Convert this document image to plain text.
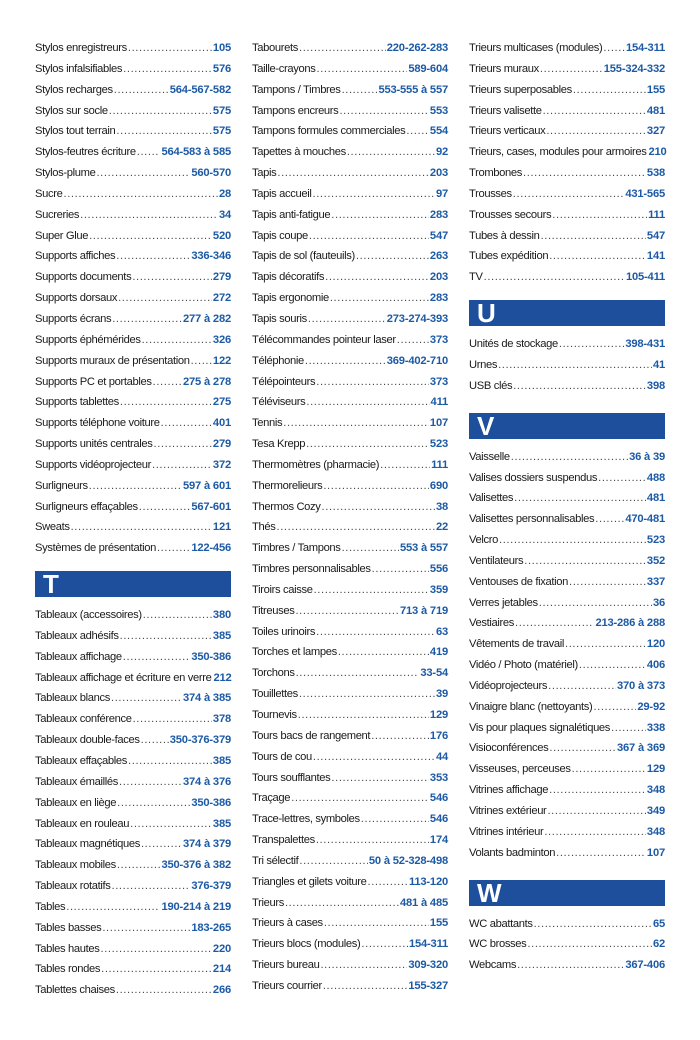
Stylos enregistreurs .....	105
Stylos infalsifiables .....	576
Stylos recharges .....	564-567-582
Stylos sur socle .....	575
Stylos tout terrain .....	575
Stylos-feutres écriture ..... 564-583 à 585
Stylos-plume .....	560-570
Sucre .....	28
Sucreries .....	34
Super Glue .....	520
Supports affiches .....	336-346
Supports documents .....	279
Supports dorsaux .....	272
Supports écrans .....	277 à 282
Supports éphémérides .....	326
Supports muraux de présentation ..... 122
Supports PC et portables .....	275 à 278
Supports tablettes .....	275
Supports téléphone voiture .....	401
Supports unités centrales .....	279
Supports vidéoprojecteur .....	372
Surligneurs .....	597 à 601
Surligneurs effaçables .....	567-601
Sweats .....	121
Systèmes de présentation .....	122-456
T
Tableaux (accessoires) .....	380
Tableaux adhésifs .....	385
Tableaux affichage .....	350-386
Tableaux affichage et écriture en verre 212
Tableaux blancs .....	374 à 385
Tableaux conférence .....	378
Tableaux double-faces .....	350-376-379
Tableaux effaçables .....	385
Tableaux émaillés .....	374 à 376
Tableaux en liège .....	350-386
Tableaux en rouleau .....	385
Tableaux magnétiques .....	374 à 379
Tableaux mobiles .....	350-376 à 382
Tableaux rotatifs .....	376-379
Tables .....	190-214 à 219
Tables basses .....	183-265
Tables hautes .....	220
Tables rondes .....	214
Tablettes chaises .....	266
Tabourets .....	220-262-283
Taille-crayons .....	589-604
Tampons / Timbres .....	553-555 à 557
Tampons encreurs .....	553
Tampons formules commerciales ..... 554
Tapettes à mouches .....	92
Tapis .....	203
Tapis accueil .....	97
Tapis anti-fatigue .....	283
Tapis coupe .....	547
Tapis de sol (fauteuils) .....	263
Tapis décoratifs .....	203
Tapis ergonomie .....	283
Tapis souris .....	273-274-393
Télécommandes pointeur laser .....	373
Téléphonie .....	369-402-710
Télépointeurs .....	373
Téléviseurs .....	411
Tennis .....	107
Tesa Krepp .....	523
Thermomètres (pharmacie) .....	111
Thermorelieurs .....	690
Thermos Cozy .....	38
Thés .....	22
Timbres / Tampons .....	553 à 557
Timbres personnalisables .....	556
Tiroirs caisse .....	359
Titreuses .....	713 à 719
Toiles urinoirs .....	63
Torches et lampes .....	419
Torchons .....	33-54
Touillettes .....	39
Tournevis .....	129
Tours bacs de rangement .....	176
Tours de cou .....	44
Tours soufflantes .....	353
Traçage .....	546
Trace-lettres, symboles .....	546
Transpalettes .....	174
Tri sélectif .....	50 à 52-328-498
Triangles et gilets voiture .....	113-120
Trieurs .....	481 à 485
Trieurs à cases .....	155
Trieurs blocs (modules) .....	154-311
Trieurs bureau .....	309-320
Trieurs courrier .....	155-327
Trieurs multicases (modules) ..... 154-311
Trieurs muraux .....	155-324-332
Trieurs superposables .....	155
Trieurs valisette .....	481
Trieurs verticaux .....	327
Trieurs, cases, modules pour armoires 210
Trombones .....	538
Trousses .....	431-565
Trousses secours .....	111
Tubes à dessin .....	547
Tubes expédition .....	141
TV .....	105-411
U
Unités de stockage .....	398-431
Urnes .....	41
USB clés .....	398
V
Vaisselle .....	36 à 39
Valises dossiers suspendus .....	488
Valisettes .....	481
Valisettes personnalisables .....	470-481
Velcro .....	523
Ventilateurs .....	352
Ventouses de fixation .....	337
Verres jetables .....	36
Vestiaires .....	213-286 à 288
Vêtements de travail .....	120
Vidéo / Photo (matériel) .....	406
Vidéoprojecteurs .....	370 à 373
Vinaigre blanc (nettoyants) .....	29-92
Vis pour plaques signalétiques .....	338
Visioconférences .....	367 à 369
Visseuses, perceuses .....	129
Vitrines affichage .....	348
Vitrines extérieur .....	349
Vitrines intérieur .....	348
Volants badminton .....	107
W
WC abattants .....	65
WC brosses .....	62
Webcams .....	367-406
